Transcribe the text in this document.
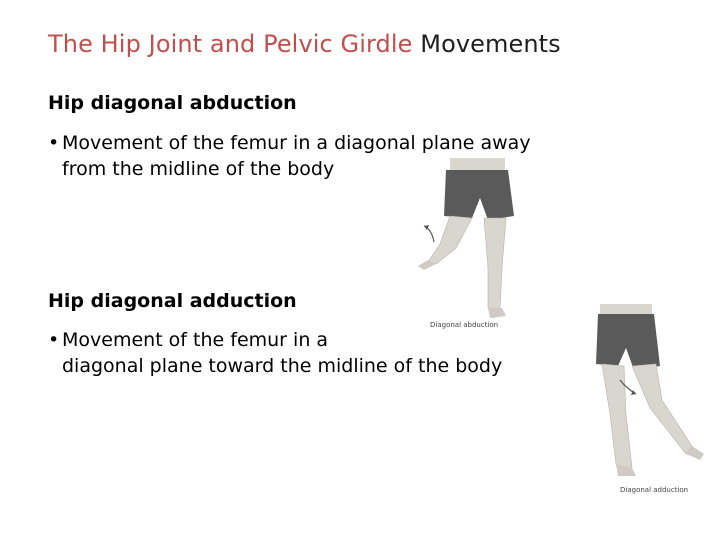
The Hip Joint and Pelvic Girdle Movements
Hip diagonal abduction
• Movement of the femur in a diagonal plane away
from the midline of the body
Diagonal abduction
Hip diagonal adduction
• Movement of the femur in a
diagonal plane toward the midline of the body
Diagonal adduction
